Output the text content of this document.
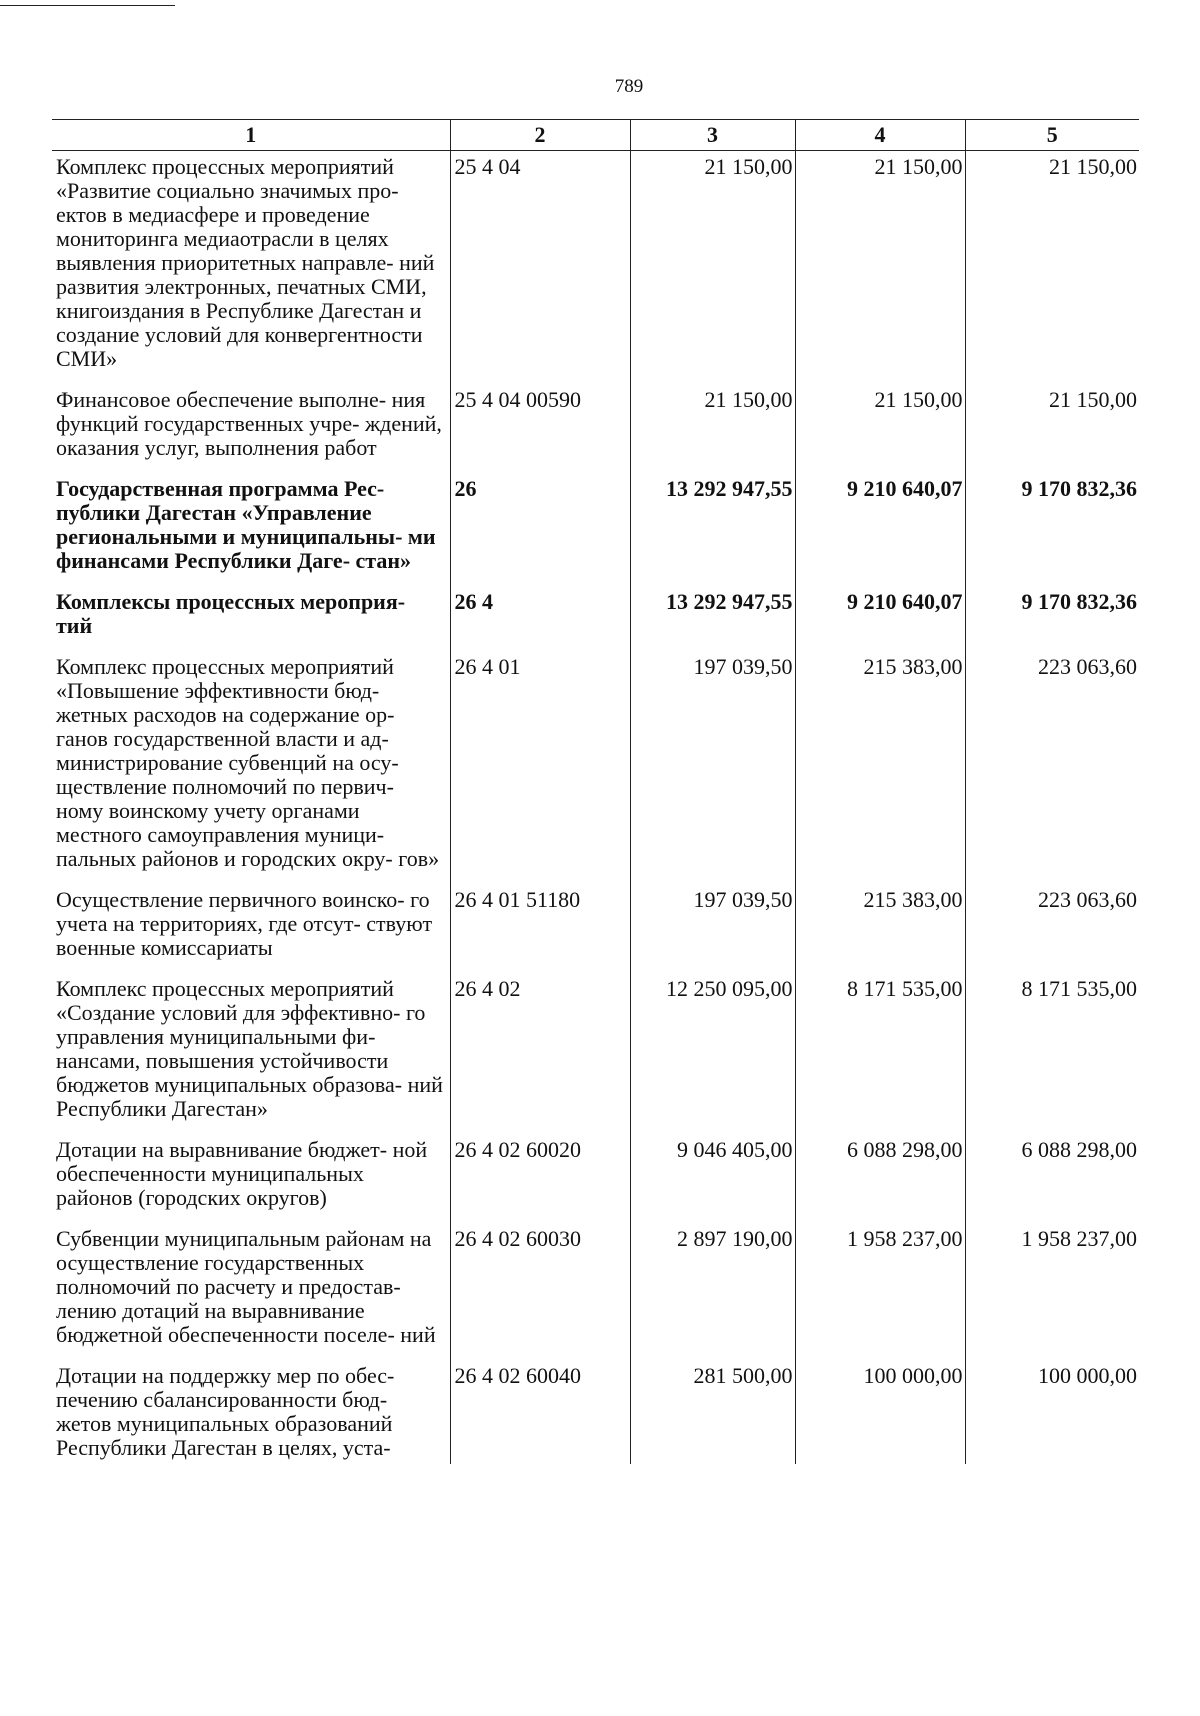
789
1	2	3	4	5
Комплекс процессных мероприятий «Развитие социально значимых про- ектов в медиасфере и проведение мониторинга медиаотрасли в целях выявления приоритетных направле- ний развития электронных, печатных СМИ, книгоиздания в Республике Дагестан и создание условий для конвергентности СМИ»	25 4 04	21 150,00	21 150,00	21 150,00
Финансовое обеспечение выполне- ния функций государственных учре- ждений, оказания услуг, выполнения работ	25 4 04 00590	21 150,00	21 150,00	21 150,00
Государственная программа Рес- публики Дагестан «Управление региональными и муниципальны- ми финансами Республики Даге- стан»	26	13 292 947,55	9 210 640,07	9 170 832,36
Комплексы процессных мероприя- тий	26 4	13 292 947,55	9 210 640,07	9 170 832,36
Комплекс процессных мероприятий «Повышение эффективности бюд- жетных расходов на содержание ор- ганов государственной власти и ад- министрирование субвенций на осу- ществление полномочий по первич- ному воинскому учету органами местного самоуправления муници- пальных районов и городских окру- гов»	26 4 01	197 039,50	215 383,00	223 063,60
Осуществление первичного воинско- го учета на территориях, где отсут- ствуют военные комиссариаты	26 4 01 51180	197 039,50	215 383,00	223 063,60
Комплекс процессных мероприятий «Создание условий для эффективно- го управления муниципальными фи- нансами, повышения устойчивости бюджетов муниципальных образова- ний Республики Дагестан»	26 4 02	12 250 095,00	8 171 535,00	8 171 535,00
Дотации на выравнивание бюджет- ной обеспеченности муниципальных районов (городских округов)	26 4 02 60020	9 046 405,00	6 088 298,00	6 088 298,00
Субвенции муниципальным районам на осуществление государственных полномочий по расчету и предостав- лению дотаций на выравнивание бюджетной обеспеченности поселе- ний	26 4 02 60030	2 897 190,00	1 958 237,00	1 958 237,00
Дотации на поддержку мер по обес- печению сбалансированности бюд- жетов муниципальных образований Республики Дагестан в целях, уста-	26 4 02 60040	281 500,00	100 000,00	100 000,00
